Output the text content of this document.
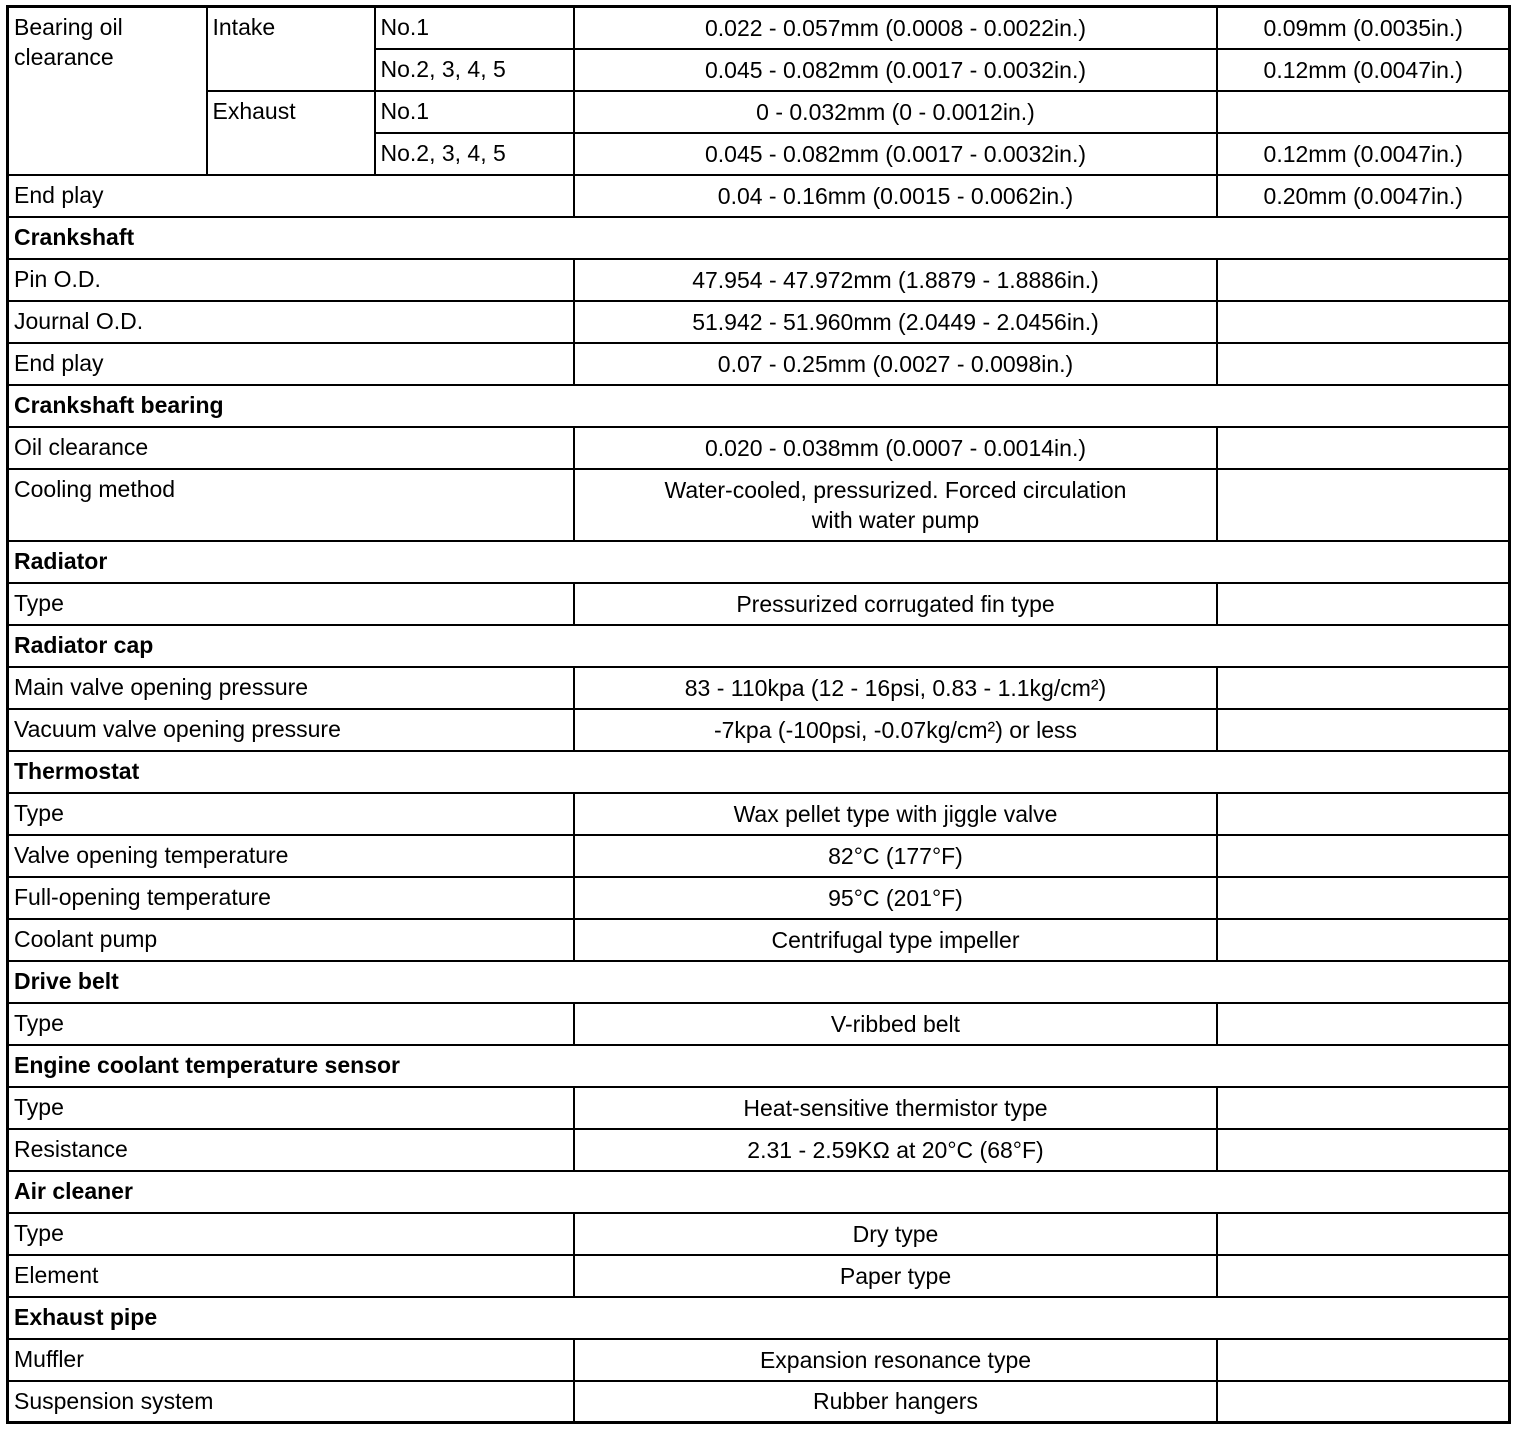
Bearing oil clearance	Intake	No.1	0.022 - 0.057mm (0.0008 - 0.0022in.)	0.09mm (0.0035in.)
		No.2, 3, 4, 5	0.045 - 0.082mm (0.0017 - 0.0032in.)	0.12mm (0.0047in.)
	Exhaust	No.1	0 - 0.032mm (0 - 0.0012in.)	
		No.2, 3, 4, 5	0.045 - 0.082mm (0.0017 - 0.0032in.)	0.12mm (0.0047in.)
End play			0.04 - 0.16mm (0.0015 - 0.0062in.)	0.20mm (0.0047in.)
Crankshaft				
Pin O.D.			47.954 - 47.972mm (1.8879 - 1.8886in.)	
Journal O.D.			51.942 - 51.960mm (2.0449 - 2.0456in.)	
End play			0.07 - 0.25mm (0.0027 - 0.0098in.)	
Crankshaft bearing				
Oil clearance			0.020 - 0.038mm (0.0007 - 0.0014in.)	
Cooling method			Water-cooled, pressurized. Forced circulation
with water pump	

Radiator				
Type			Pressurized corrugated fin type	
Radiator cap				
Main valve opening pressure			83 - 110kpa (12 - 16psi, 0.83 - 1.1kg/cm²)	
Vacuum valve opening pressure			-7kpa (-100psi, -0.07kg/cm²) or less	
Thermostat				
Type			Wax pellet type with jiggle valve	
Valve opening temperature			82°C (177°F)	
Full-opening temperature			95°C (201°F)	
Coolant pump			Centrifugal type impeller	
Drive belt				
Type			V-ribbed belt	
Engine coolant temperature sensor				
Type			Heat-sensitive thermistor type	
Resistance			2.31 - 2.59KΩ at 20°C (68°F)	
Air cleaner				
Type			Dry type	
Element			Paper type	
Exhaust pipe				
Muffler			Expansion resonance type	
Suspension system			Rubber hangers	
